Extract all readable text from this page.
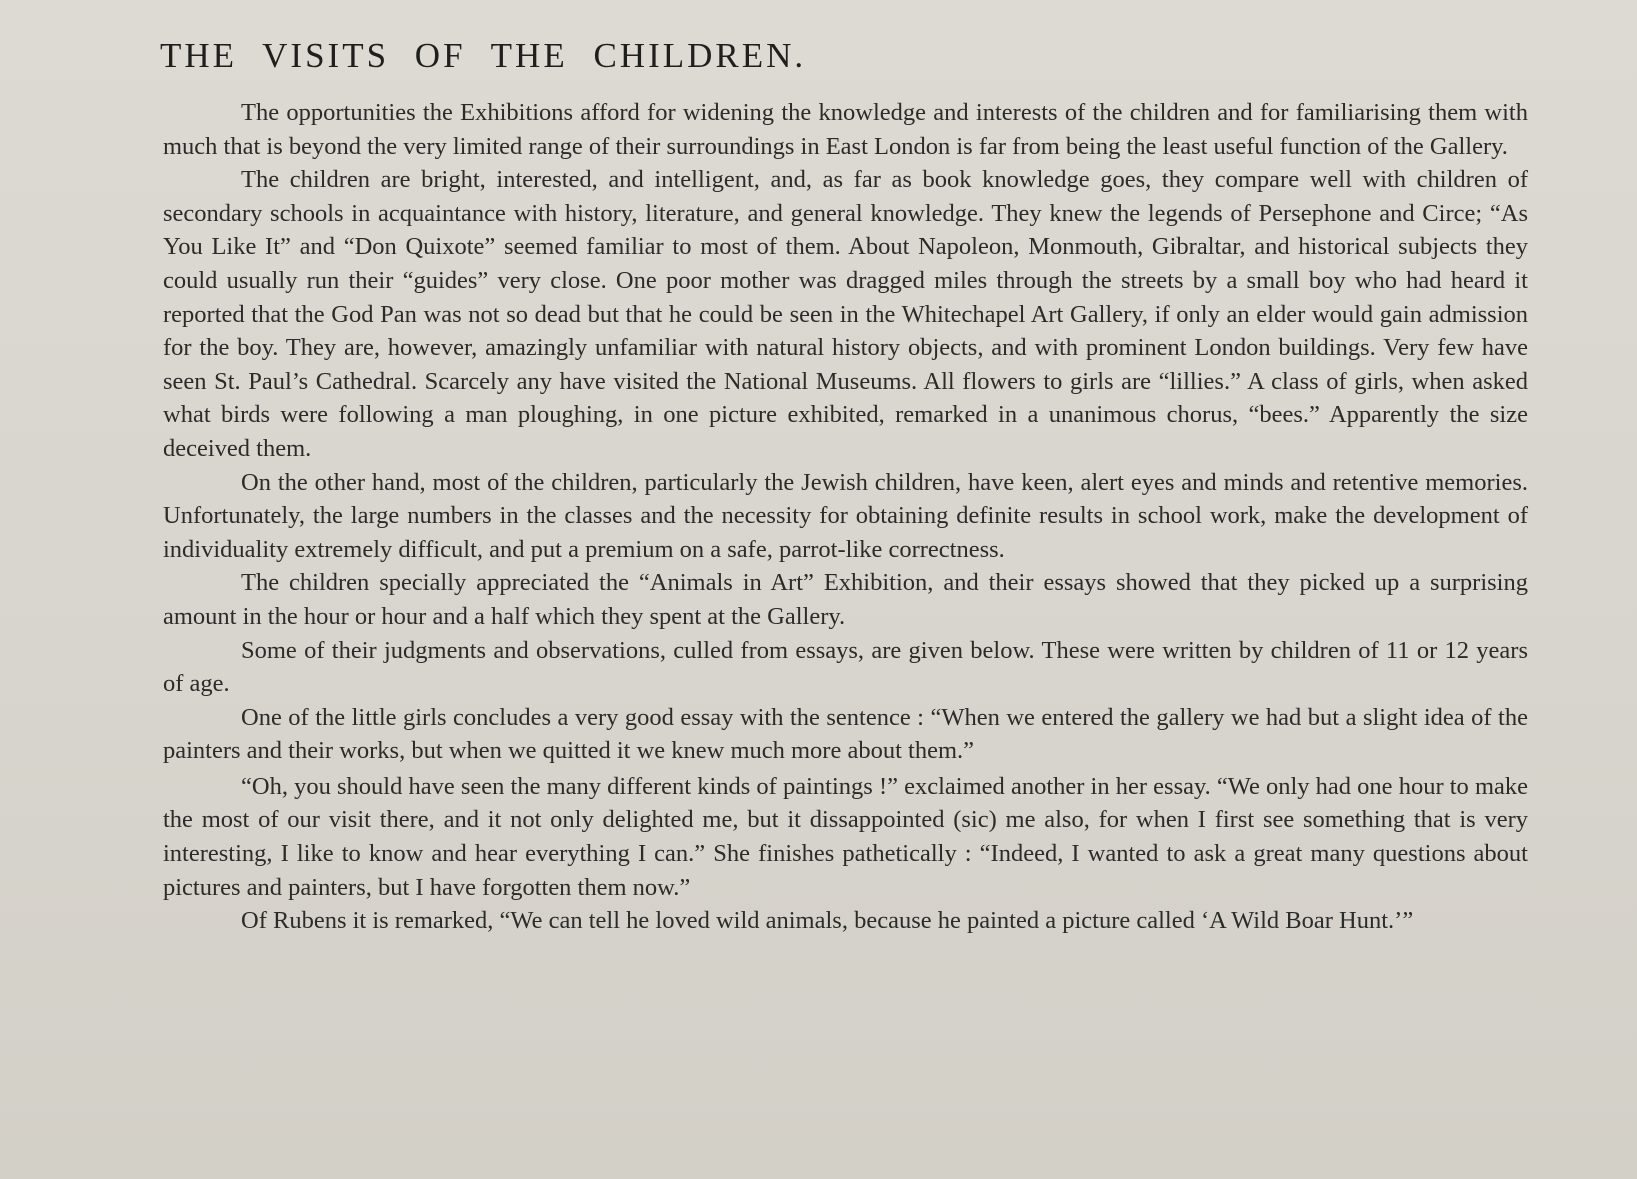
THE VISITS OF THE CHILDREN.

The opportunities the Exhibitions afford for widening the knowledge and interests of the children and for familiarising them with much that is beyond the very limited range of their surroundings in East London is far from being the least useful function of the Gallery.

The children are bright, interested, and intelligent, and, as far as book knowledge goes, they compare well with children of secondary schools in acquaintance with history, literature, and general knowledge. They knew the legends of Persephone and Circe; “As You Like It” and “Don Quixote” seemed familiar to most of them. About Napoleon, Monmouth, Gibraltar, and historical subjects they could usually run their “guides” very close. One poor mother was dragged miles through the streets by a small boy who had heard it reported that the God Pan was not so dead but that he could be seen in the Whitechapel Art Gallery, if only an elder would gain admission for the boy. They are, however, amazingly unfamiliar with natural history objects, and with prominent London buildings. Very few have seen St. Paul’s Cathedral. Scarcely any have visited the National Museums. All flowers to girls are “lillies.” A class of girls, when asked what birds were following a man ploughing, in one picture exhibited, remarked in a unanimous chorus, “bees.” Apparently the size deceived them.

On the other hand, most of the children, particularly the Jewish children, have keen, alert eyes and minds and retentive memories. Unfortunately, the large numbers in the classes and the necessity for obtaining definite results in school work, make the development of individuality extremely difficult, and put a premium on a safe, parrot-like correctness.

The children specially appreciated the “Animals in Art” Exhibition, and their essays showed that they picked up a surprising amount in the hour or hour and a half which they spent at the Gallery.

Some of their judgments and observations, culled from essays, are given below. These were written by children of 11 or 12 years of age.

One of the little girls concludes a very good essay with the sentence : “When we entered the gallery we had but a slight idea of the painters and their works, but when we quitted it we knew much more about them.”

“Oh, you should have seen the many different kinds of paintings !” exclaimed another in her essay. “We only had one hour to make the most of our visit there, and it not only delighted me, but it dissappointed (sic) me also, for when I first see something that is very interesting, I like to know and hear everything I can.” She finishes pathetically : “Indeed, I wanted to ask a great many questions about pictures and painters, but I have forgotten them now.”

Of Rubens it is remarked, “We can tell he loved wild animals, because he painted a picture called ‘A Wild Boar Hunt.’”
